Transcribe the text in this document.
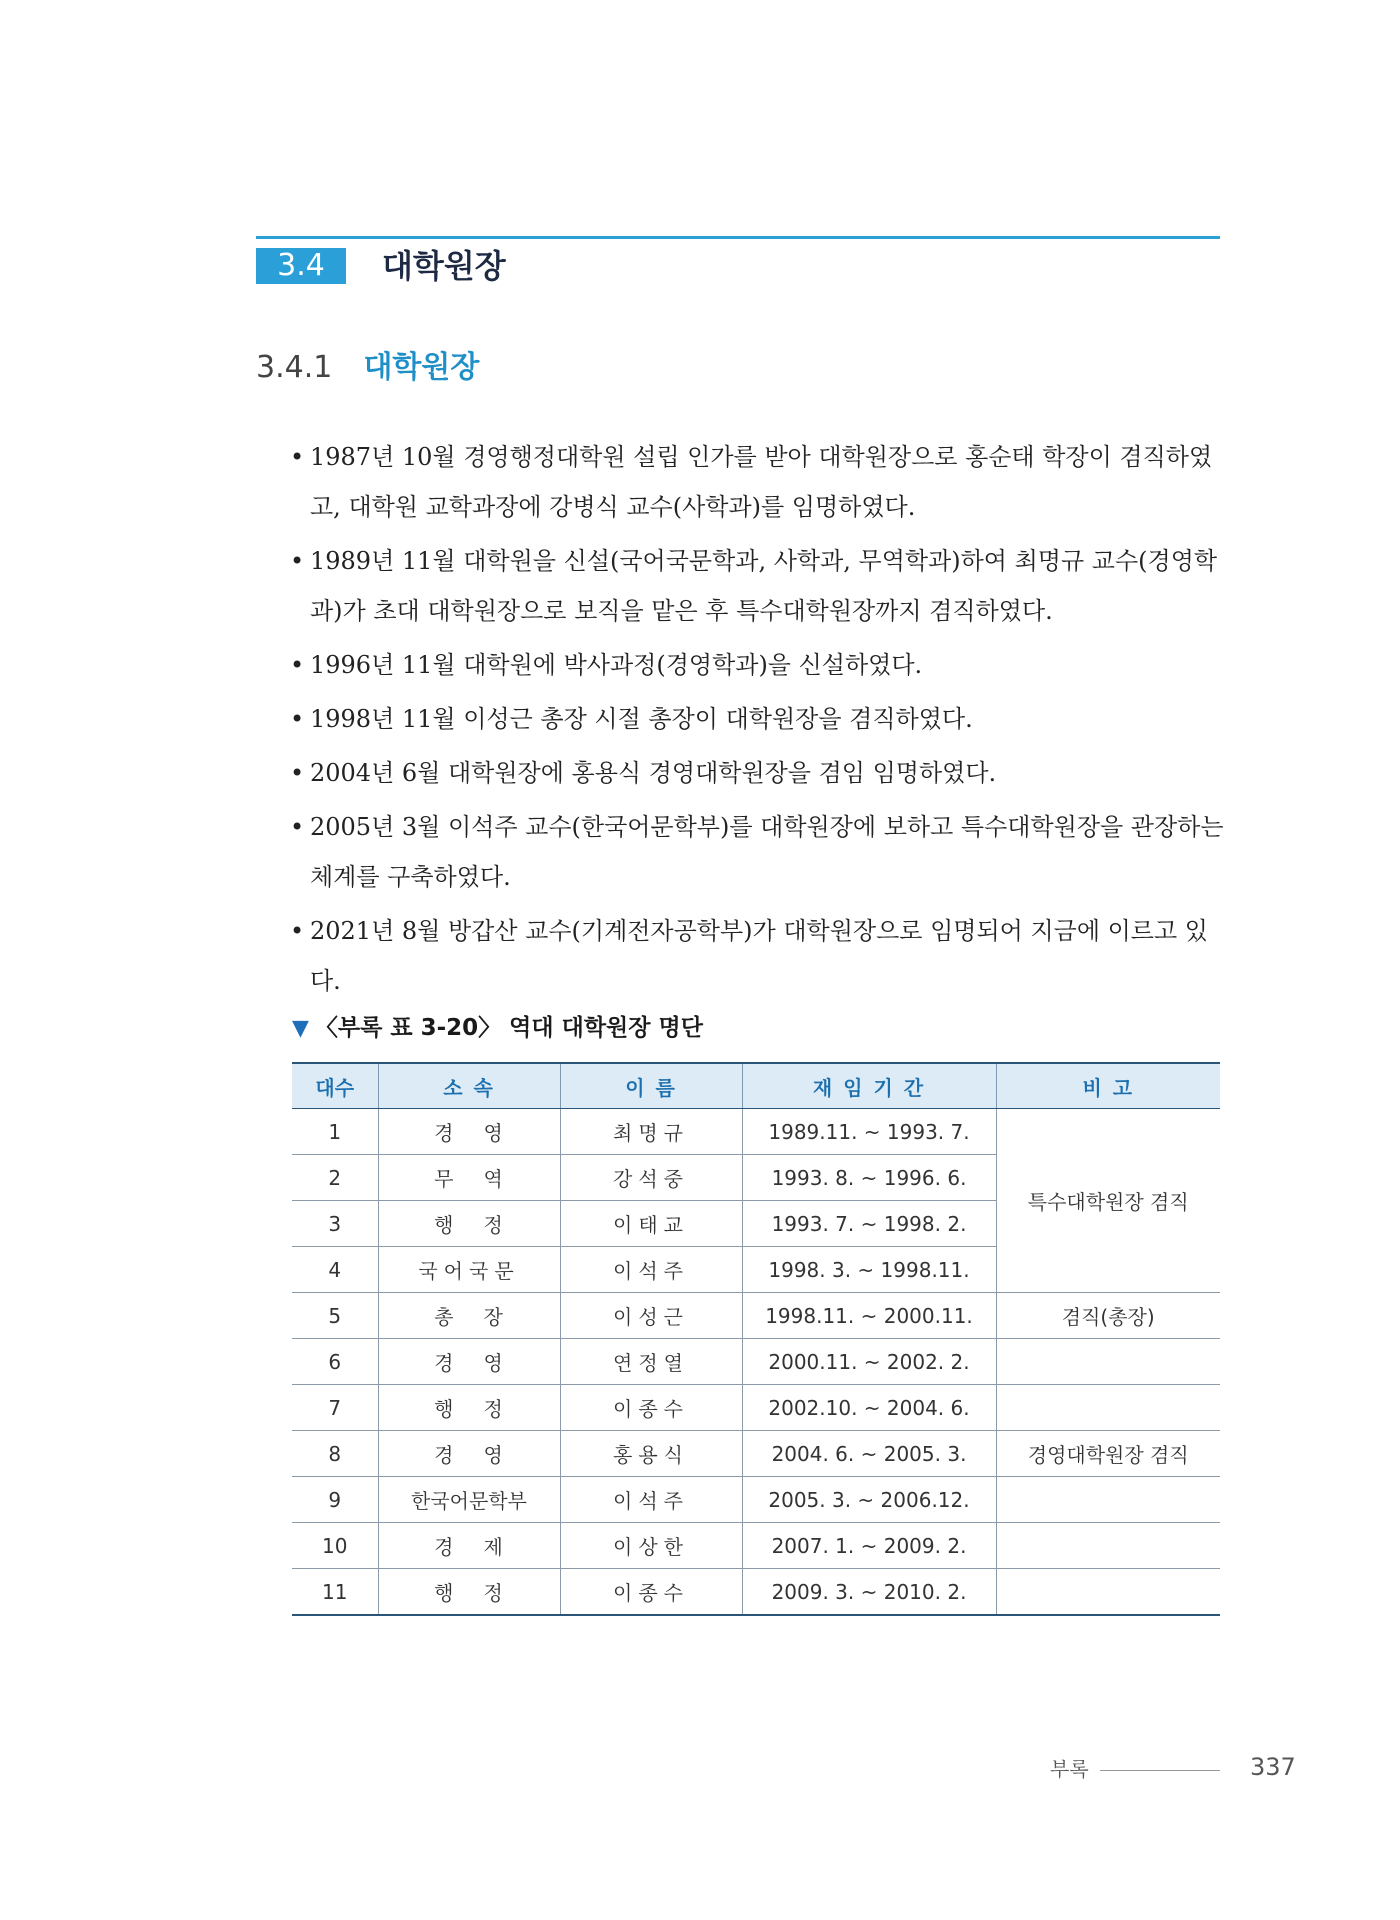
3.4	대학원장
3.4.1 대학원장
• 1987년 10월 경영행정대학원 설립 인가를 받아 대학원장으로 홍순태 학장이 겸직하였고, 대학원 교학과장에 강병식 교수(사학과)를 임명하였다.
• 1989년 11월 대학원을 신설(국어국문학과, 사학과, 무역학과)하여 최명규 교수(경영학과)가 초대 대학원장으로 보직을 맡은 후 특수대학원장까지 겸직하였다.
• 1996년 11월 대학원에 박사과정(경영학과)을 신설하였다.
• 1998년 11월 이성근 총장 시절 총장이 대학원장을 겸직하였다.
• 2004년 6월 대학원장에 홍용식 경영대학원장을 겸임 임명하였다.
• 2005년 3월 이석주 교수(한국어문학부)를 대학원장에 보하고 특수대학원장을 관장하는 체계를 구축하였다.
• 2021년 8월 방갑산 교수(기계전자공학부)가 대학원장으로 임명되어 지금에 이르고 있다.
▼ 〈부록 표 3-20〉 역대 대학원장 명단
대수	소 속	이 름	재 임 기 간	비 고
1	경영	최명규	1989.11. ~ 1993. 7.	특수대학원장 겸직
2	무역	강석중	1993. 8. ~ 1996. 6.	
3	행정	이태교	1993. 7. ~ 1998. 2.	
4	국어국문	이석주	1998. 3. ~ 1998.11.	
5	총장	이성근	1998.11. ~ 2000.11.	겸직(총장)
6	경영	연정열	2000.11. ~ 2002. 2.	
7	행정	이종수	2002.10. ~ 2004. 6.	
8	경영	홍용식	2004. 6. ~ 2005. 3.	경영대학원장 겸직
9	한국어문학부	이석주	2005. 3. ~ 2006.12.	
10	경제	이상한	2007. 1. ~ 2009. 2.	
11	행정	이종수	2009. 3. ~ 2010. 2.	
부록	337
